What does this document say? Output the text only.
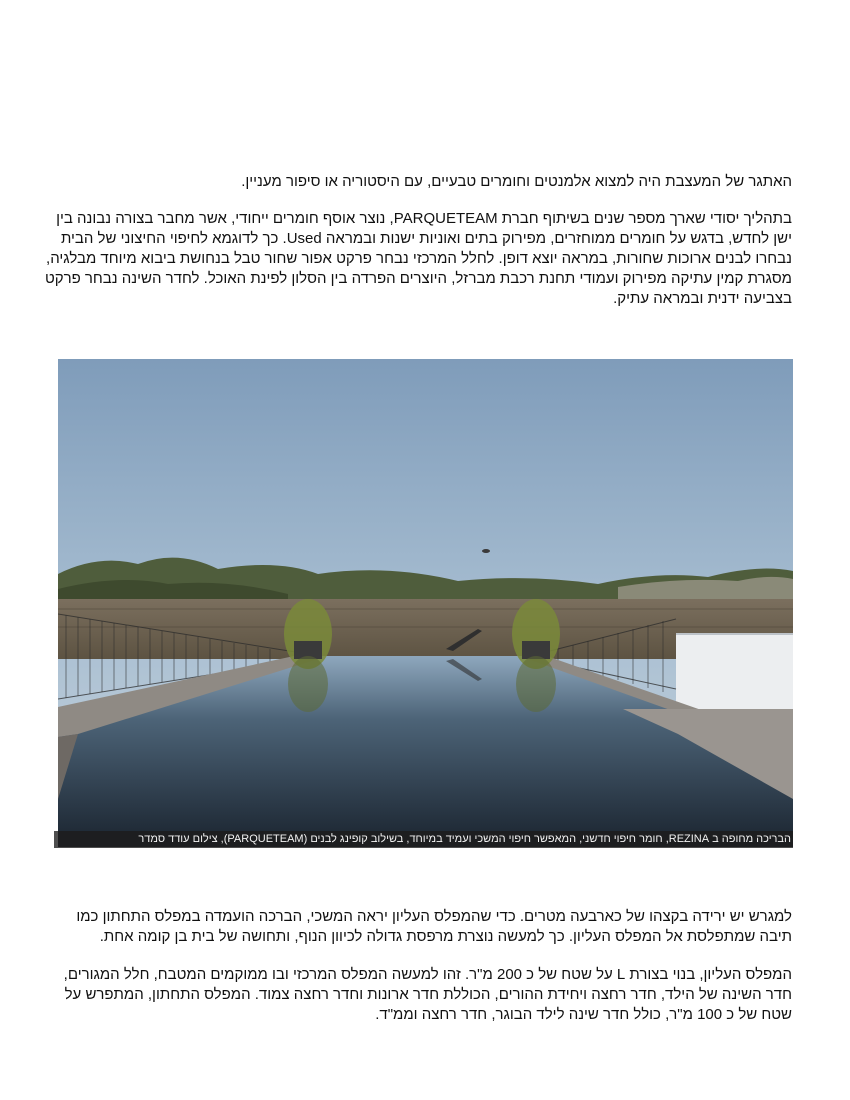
האתגר של המעצבת היה למצוא אלמנטים וחומרים טבעיים, עם היסטוריה או סיפור מעניין.
בתהליך יסודי שארך מספר שנים בשיתוף חברת PARQUETEAM, נוצר אוסף חומרים ייחודי, אשר מחבר בצורה נבונה בין
ישן לחדש, בדגש על חומרים ממוחזרים, מפירוק בתים ואוניות ישנות ובמראה Used. כך לדוגמא לחיפוי החיצוני של הבית
נבחרו לבנים ארוכות שחורות, במראה יוצא דופן. לחלל המרכזי נבחר פרקט אפור שחור טבל בנחושת ביבוא מיוחד מבלגיה,
מסגרת קמין עתיקה מפירוק ועמודי תחנת רכבת מברזל, היוצרים הפרדה בין הסלון לפינת האוכל. לחדר השינה נבחר פרקט
בצביעה ידנית ובמראה עתיק.
הבריכה מחופה ב REZINA, חומר חיפוי חדשני, המאפשר חיפוי המשכי ועמיד במיוחד, בשילוב קופינג לבנים (PARQUETEAM), צילום עודד סמדר
למגרש יש ירידה בקצהו של כארבעה מטרים. כדי שהמפלס העליון יראה המשכי, הברכה הועמדה במפלס התחתון כמו
תיבה שמתפלסת אל המפלס העליון. כך למעשה נוצרת מרפסת גדולה לכיוון הנוף, ותחושה של בית בן קומה אחת.
המפלס העליון, בנוי בצורת L על שטח של כ 200 מ"ר. זהו למעשה המפלס המרכזי ובו ממוקמים המטבח, חלל המגורים,
חדר השינה של הילד, חדר רחצה ויחידת ההורים, הכוללת חדר ארונות וחדר רחצה צמוד. המפלס התחתון, המתפרש על
שטח של כ 100 מ"ר, כולל חדר שינה לילד הבוגר, חדר רחצה וממ"ד.
